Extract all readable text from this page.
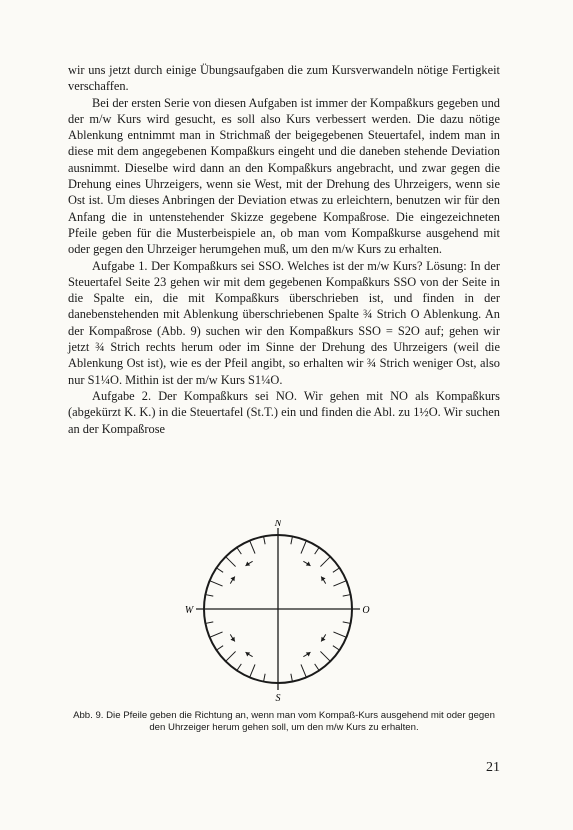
wir uns jetzt durch einige Übungsaufgaben die zum Kursverwandeln nötige Fertigkeit verschaffen.

Bei der ersten Serie von diesen Aufgaben ist immer der Kompaßkurs gegeben und der m/w Kurs wird gesucht, es soll also Kurs verbessert werden. Die dazu nötige Ablenkung entnimmt man in Strichmaß der beigegebenen Steuertafel, indem man in diese mit dem angegebenen Kompaßkurs eingeht und die daneben stehende Deviation ausnimmt. Dieselbe wird dann an den Kompaßkurs angebracht, und zwar gegen die Drehung eines Uhrzeigers, wenn sie West, mit der Drehung des Uhrzeigers, wenn sie Ost ist. Um dieses Anbringen der Deviation etwas zu erleichtern, benutzen wir für den Anfang die in untenstehender Skizze gegebene Kompaßrose. Die eingezeichneten Pfeile geben für die Musterbeispiele an, ob man vom Kompaßkurse ausgehend mit oder gegen den Uhrzeiger herumgehen muß, um den m/w Kurs zu erhalten.

Aufgabe 1. Der Kompaßkurs sei SSO. Welches ist der m/w Kurs? Lösung: In der Steuertafel Seite 23 gehen wir mit dem gegebenen Kompaßkurs SSO von der Seite in die Spalte ein, die mit Kompaßkurs überschrieben ist, und finden in der danebenstehenden mit Ablenkung überschriebenen Spalte ¾ Strich O Ablenkung. An der Kompaßrose (Abb. 9) suchen wir den Kompaßkurs SSO = S2O auf; gehen wir jetzt ¾ Strich rechts herum oder im Sinne der Drehung des Uhrzeigers (weil die Ablenkung Ost ist), wie es der Pfeil angibt, so erhalten wir ¾ Strich weniger Ost, also nur S1¼O. Mithin ist der m/w Kurs S1¼O.

Aufgabe 2. Der Kompaßkurs sei NO. Wir gehen mit NO als Kompaßkurs (abgekürzt K. K.) in die Steuertafel (St.T.) ein und finden die Abl. zu 1½O. Wir suchen an der Kompaßrose

N
S
W	O
Abb. 9. Die Pfeile geben die Richtung an, wenn man vom Kompaß-Kurs ausgehend mit oder gegen den Uhrzeiger herum gehen soll, um den m/w Kurs zu erhalten.
21
